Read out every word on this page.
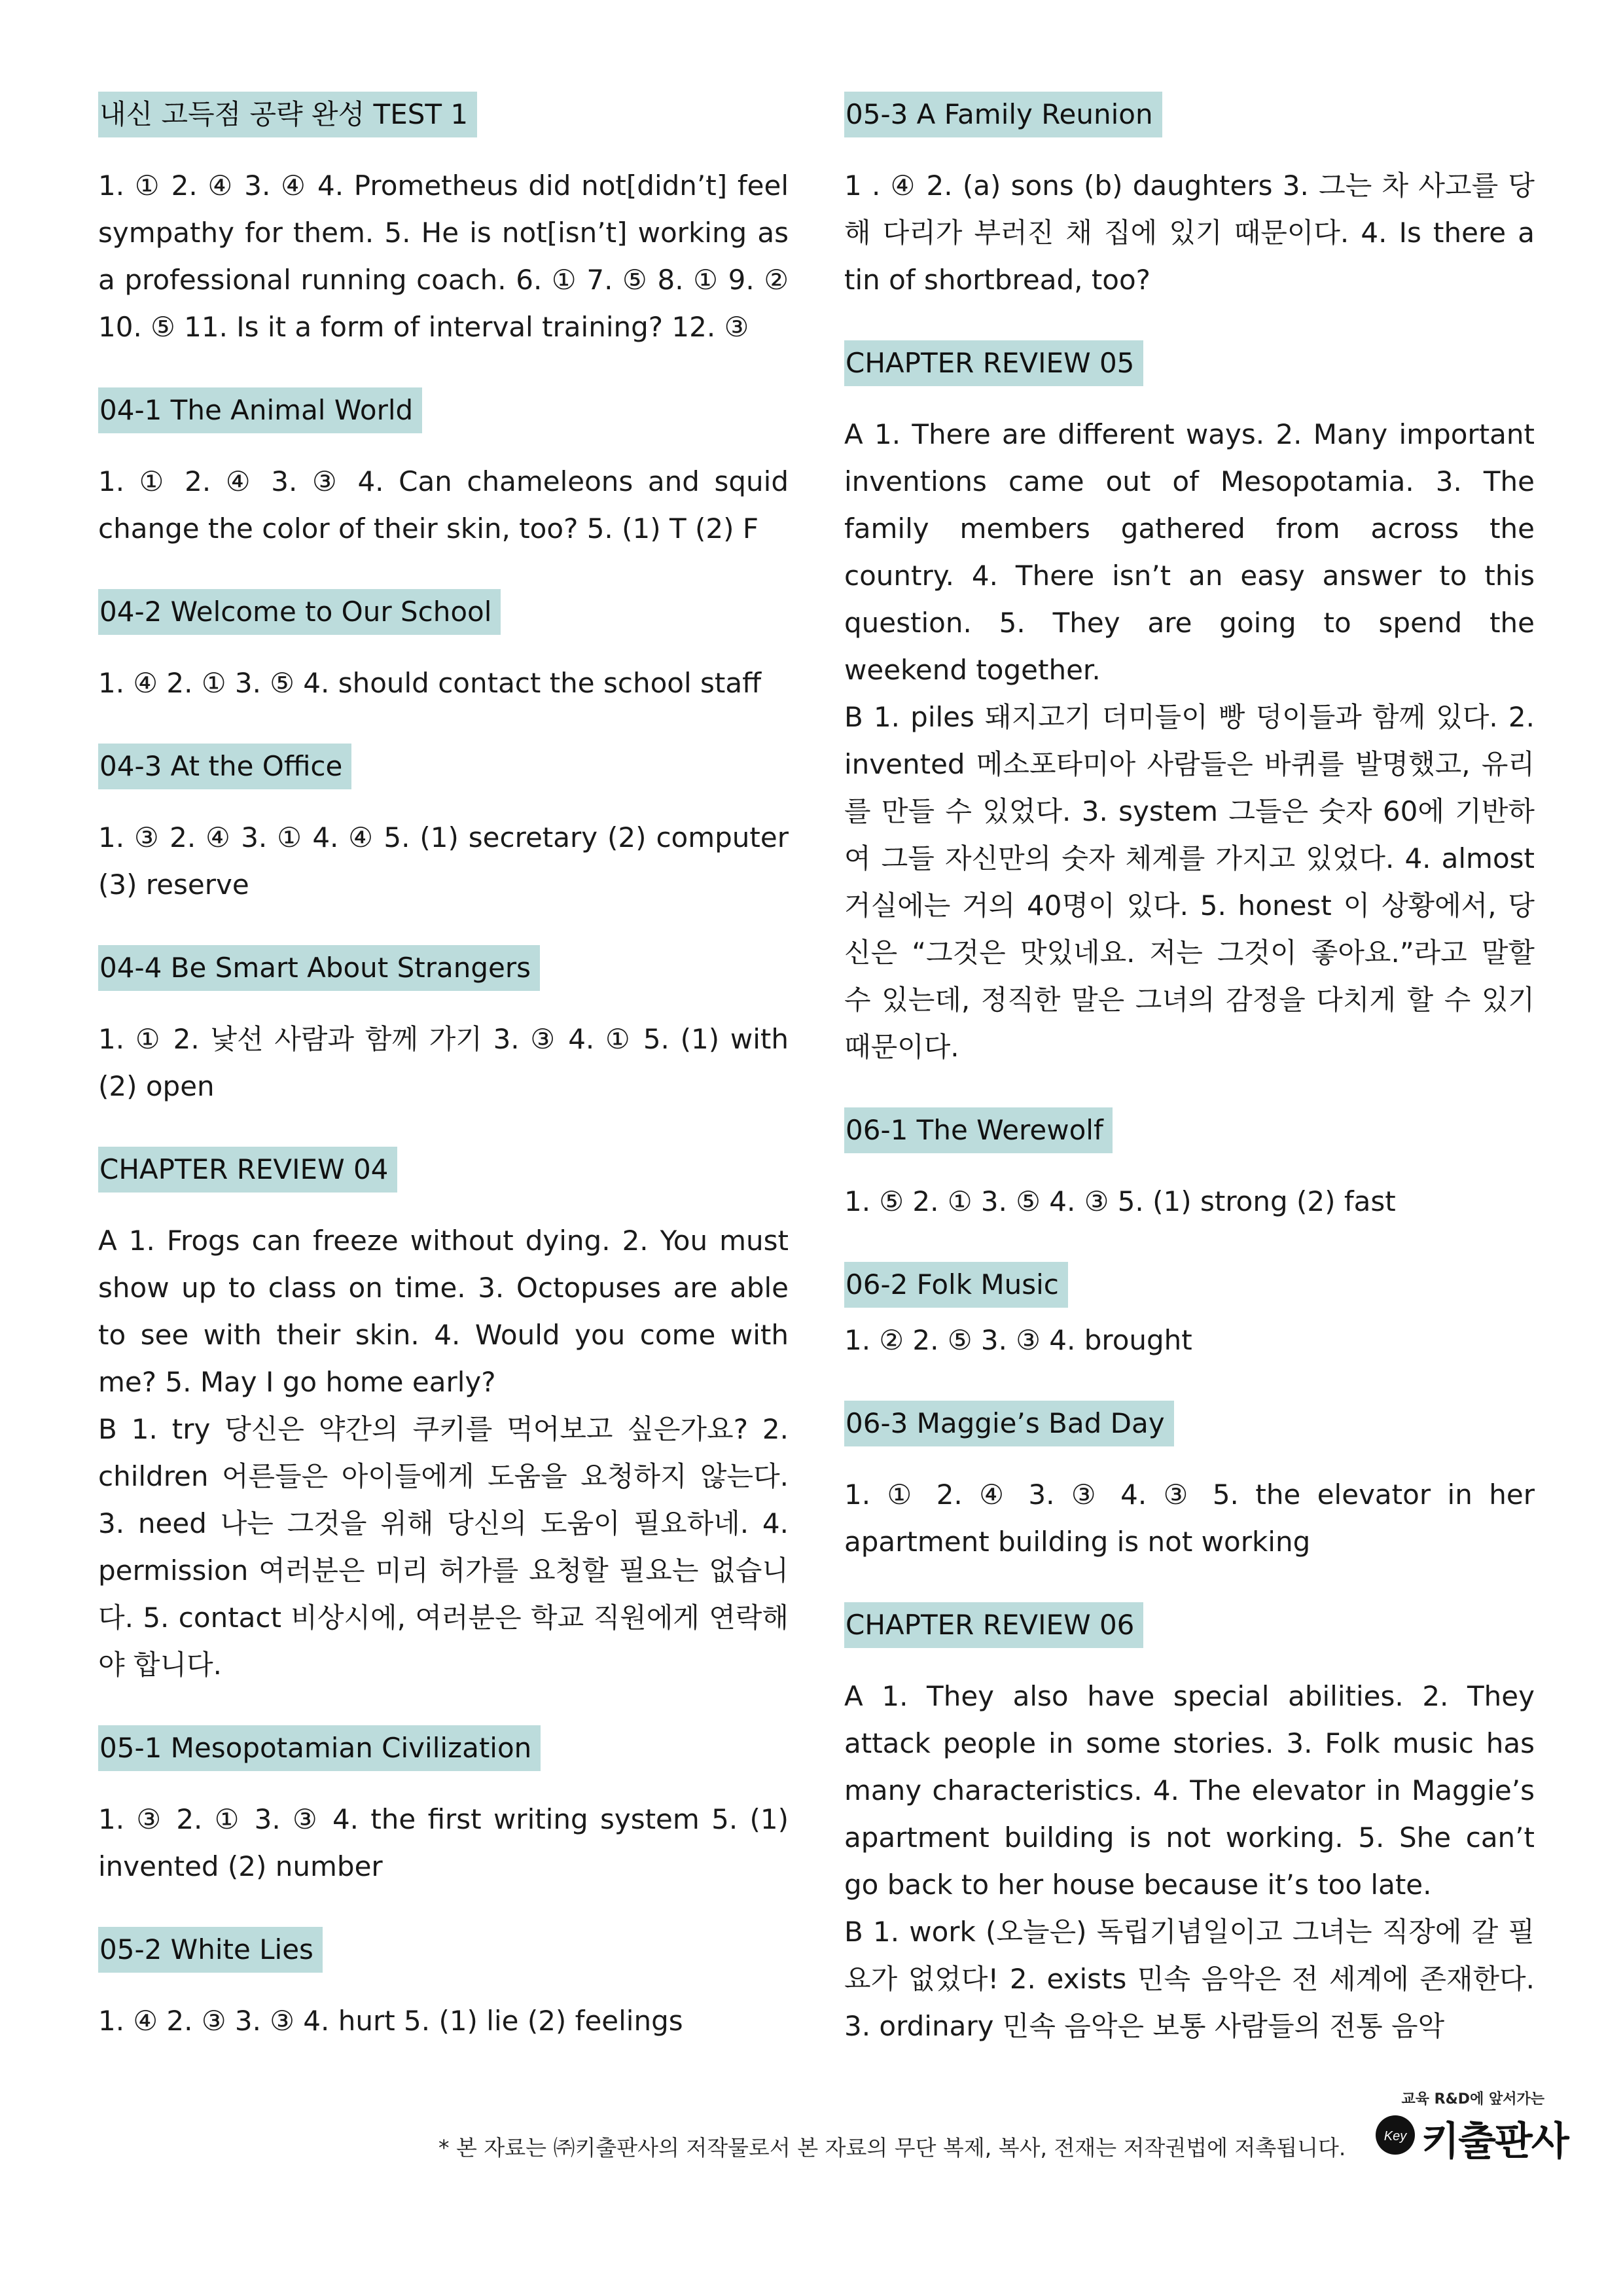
내신 고득점 공략 완성 TEST 1

1. ① 2. ④ 3. ④ 4. Prometheus did not[didn’t] feel sympathy for them. 5. He is not[isn’t] working as a professional running coach. 6. ① 7. ⑤ 8. ① 9. ② 10. ⑤ 11. Is it a form of interval training? 12. ③

04-1 The Animal World

1. ① 2. ④ 3. ③ 4. Can chameleons and squid change the color of their skin, too? 5. (1) T (2) F

04-2 Welcome to Our School

1. ④ 2. ① 3. ⑤ 4. should contact the school staff

04-3 At the Office

1. ③ 2. ④ 3. ① 4. ④ 5. (1) secretary (2) computer (3) reserve

04-4 Be Smart About Strangers

1. ① 2. 낯선 사람과 함께 가기 3. ③ 4. ① 5. (1) with (2) open

CHAPTER REVIEW 04

A 1. Frogs can freeze without dying. 2. You must show up to class on time. 3. Octopuses are able to see with their skin. 4. Would you come with me? 5. May I go home early?

B 1. try 당신은 약간의 쿠키를 먹어보고 싶은가요? 2. children 어른들은 아이들에게 도움을 요청하지 않는다. 3. need 나는 그것을 위해 당신의 도움이 필요하네. 4. permission 여러분은 미리 허가를 요청할 필요는 없습니다. 5. contact 비상시에, 여러분은 학교 직원에게 연락해야 합니다.

05-1 Mesopotamian Civilization

1. ③ 2. ① 3. ③ 4. the first writing system 5. (1) invented (2) number

05-2 White Lies

1. ④ 2. ③ 3. ③ 4. hurt 5. (1) lie (2) feelings

05-3 A Family Reunion

1 . ④ 2. (a) sons (b) daughters 3. 그는 차 사고를 당해 다리가 부러진 채 집에 있기 때문이다. 4. Is there a tin of shortbread, too?

CHAPTER REVIEW 05

A 1. There are different ways. 2. Many important inventions came out of Mesopotamia. 3. The family members gathered from across the country. 4. There isn’t an easy answer to this question. 5. They are going to spend the weekend together.

B 1. piles 돼지고기 더미들이 빵 덩이들과 함께 있다. 2. invented 메소포타미아 사람들은 바퀴를 발명했고, 유리를 만들 수 있었다. 3. system 그들은 숫자 60에 기반하여 그들 자신만의 숫자 체계를 가지고 있었다. 4. almost 거실에는 거의 40명이 있다. 5. honest 이 상황에서, 당신은 “그것은 맛있네요. 저는 그것이 좋아요.”라고 말할 수 있는데, 정직한 말은 그녀의 감정을 다치게 할 수 있기 때문이다.

06-1 The Werewolf

1. ⑤ 2. ① 3. ⑤ 4. ③ 5. (1) strong (2) fast

06-2 Folk Music

1. ② 2. ⑤ 3. ③ 4. brought

06-3 Maggie’s Bad Day

1. ① 2. ④ 3. ③ 4. ③ 5. the elevator in her apartment building is not working

CHAPTER REVIEW 06

A 1. They also have special abilities. 2. They attack people in some stories. 3. Folk music has many characteristics. 4. The elevator in Maggie’s apartment building is not working. 5. She can’t go back to her house because it’s too late.

B 1. work (오늘은) 독립기념일이고 그녀는 직장에 갈 필요가 없었다! 2. exists 민속 음악은 전 세계에 존재한다. 3. ordinary 민속 음악은 보통 사람들의 전통 음악

* 본 자료는 ㈜키출판사의 저작물로서 본 자료의 무단 복제, 복사, 전재는 저작권법에 저촉됩니다.
교육 R&D에 앞서가는
Key 키출판사
